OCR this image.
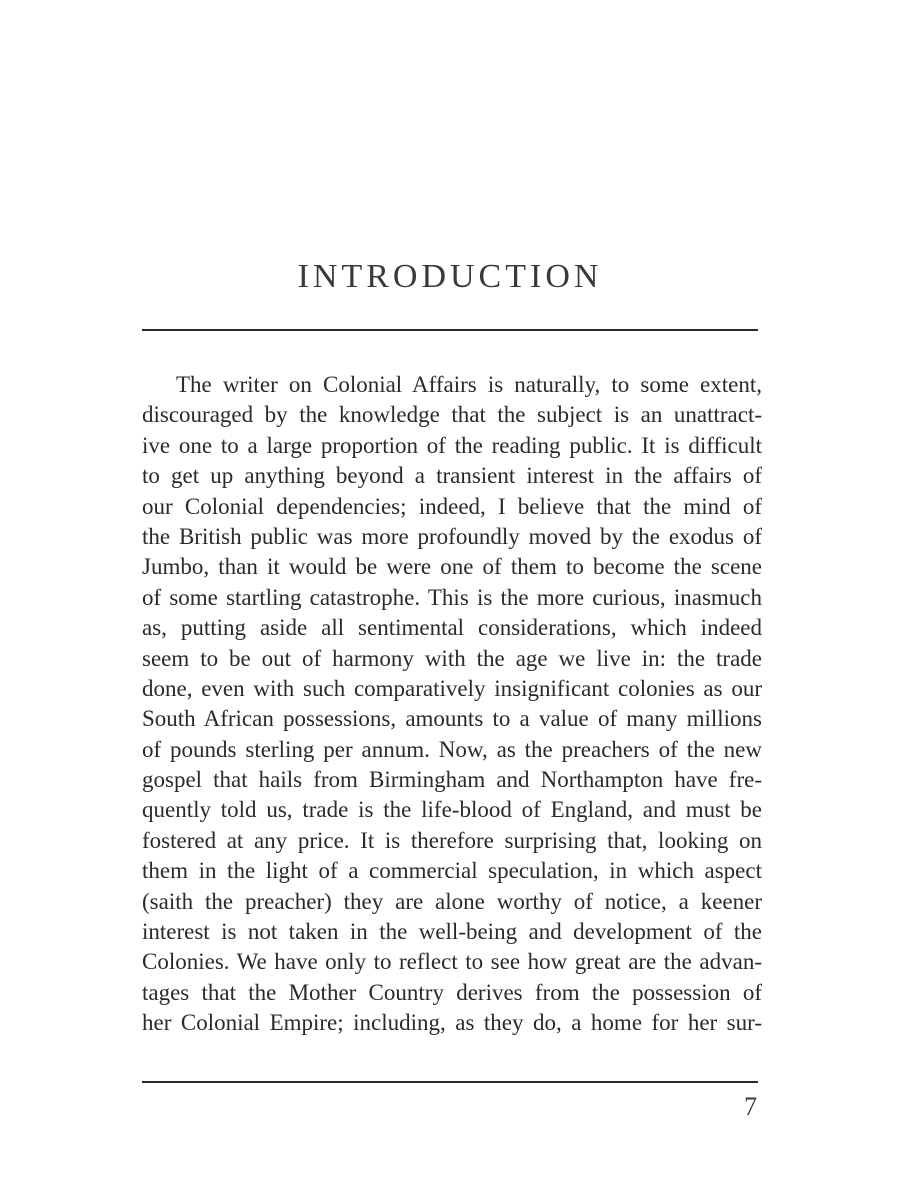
INTRODUCTION
The writer on Colonial Affairs is naturally, to some extent,
discouraged by the knowledge that the subject is an unattract-
ive one to a large proportion of the reading public. It is difficult
to get up anything beyond a transient interest in the affairs of
our Colonial dependencies; indeed, I believe that the mind of
the British public was more profoundly moved by the exodus of
Jumbo, than it would be were one of them to become the scene
of some startling catastrophe. This is the more curious, inasmuch
as, putting aside all sentimental considerations, which indeed
seem to be out of harmony with the age we live in: the trade
done, even with such comparatively insignificant colonies as our
South African possessions, amounts to a value of many millions
of pounds sterling per annum. Now, as the preachers of the new
gospel that hails from Birmingham and Northampton have fre-
quently told us, trade is the life-blood of England, and must be
fostered at any price. It is therefore surprising that, looking on
them in the light of a commercial speculation, in which aspect
(saith the preacher) they are alone worthy of notice, a keener
interest is not taken in the well-being and development of the
Colonies. We have only to reflect to see how great are the advan-
tages that the Mother Country derives from the possession of
her Colonial Empire; including, as they do, a home for her sur-
7
